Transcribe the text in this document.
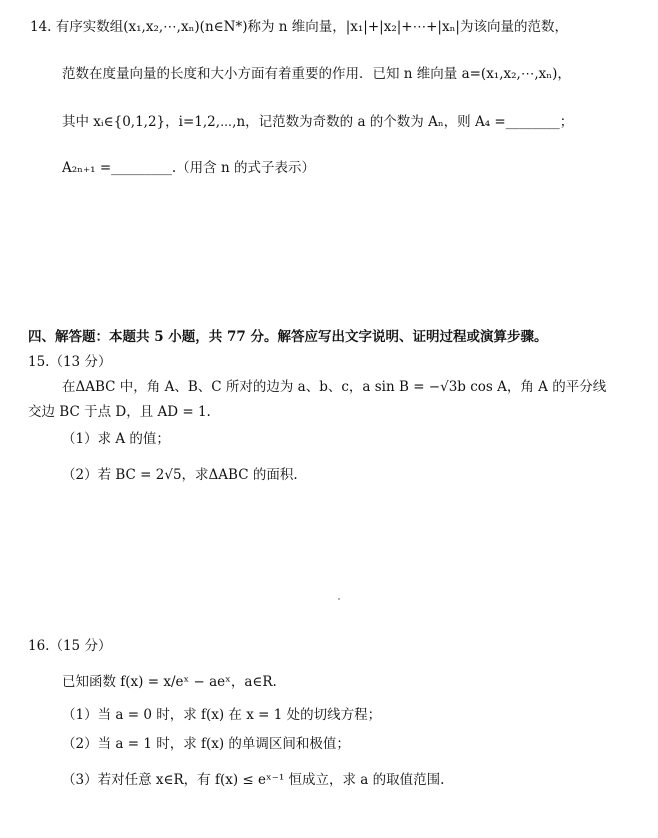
14. 有序实数组(x₁,x₂,⋯,xₙ)(n∈N*)称为 n 维向量，|x₁|+|x₂|+⋯+|xₙ|为该向量的范数，
范数在度量向量的长度和大小方面有着重要的作用．已知 n 维向量 a=(x₁,x₂,⋯,xₙ)，
其中 xᵢ∈{0,1,2}，i=1,2,⋯,n，记范数为奇数的 a 的个数为 Aₙ，则 A₄ =________；
A₂ₙ₊₁ =_________.（用含 n 的式子表示）
四、解答题：本题共 5 小题，共 77 分。解答应写出文字说明、证明过程或演算步骤。
15.（13 分）
在ΔABC 中，角 A、B、C 所对的边为 a、b、c，a sin B = −√3b cos A，角 A 的平分线
交边 BC 于点 D，且 AD = 1.
（1）求 A 的值；
（2）若 BC = 2√5，求ΔABC 的面积.
16.（15 分）
已知函数 f(x) = x/eˣ − aeˣ，a∈R.
（1）当 a = 0 时，求 f(x) 在 x = 1 处的切线方程；
（2）当 a = 1 时，求 f(x) 的单调区间和极值；
（3）若对任意 x∈R，有 f(x) ≤ eˣ⁻¹ 恒成立，求 a 的取值范围.
